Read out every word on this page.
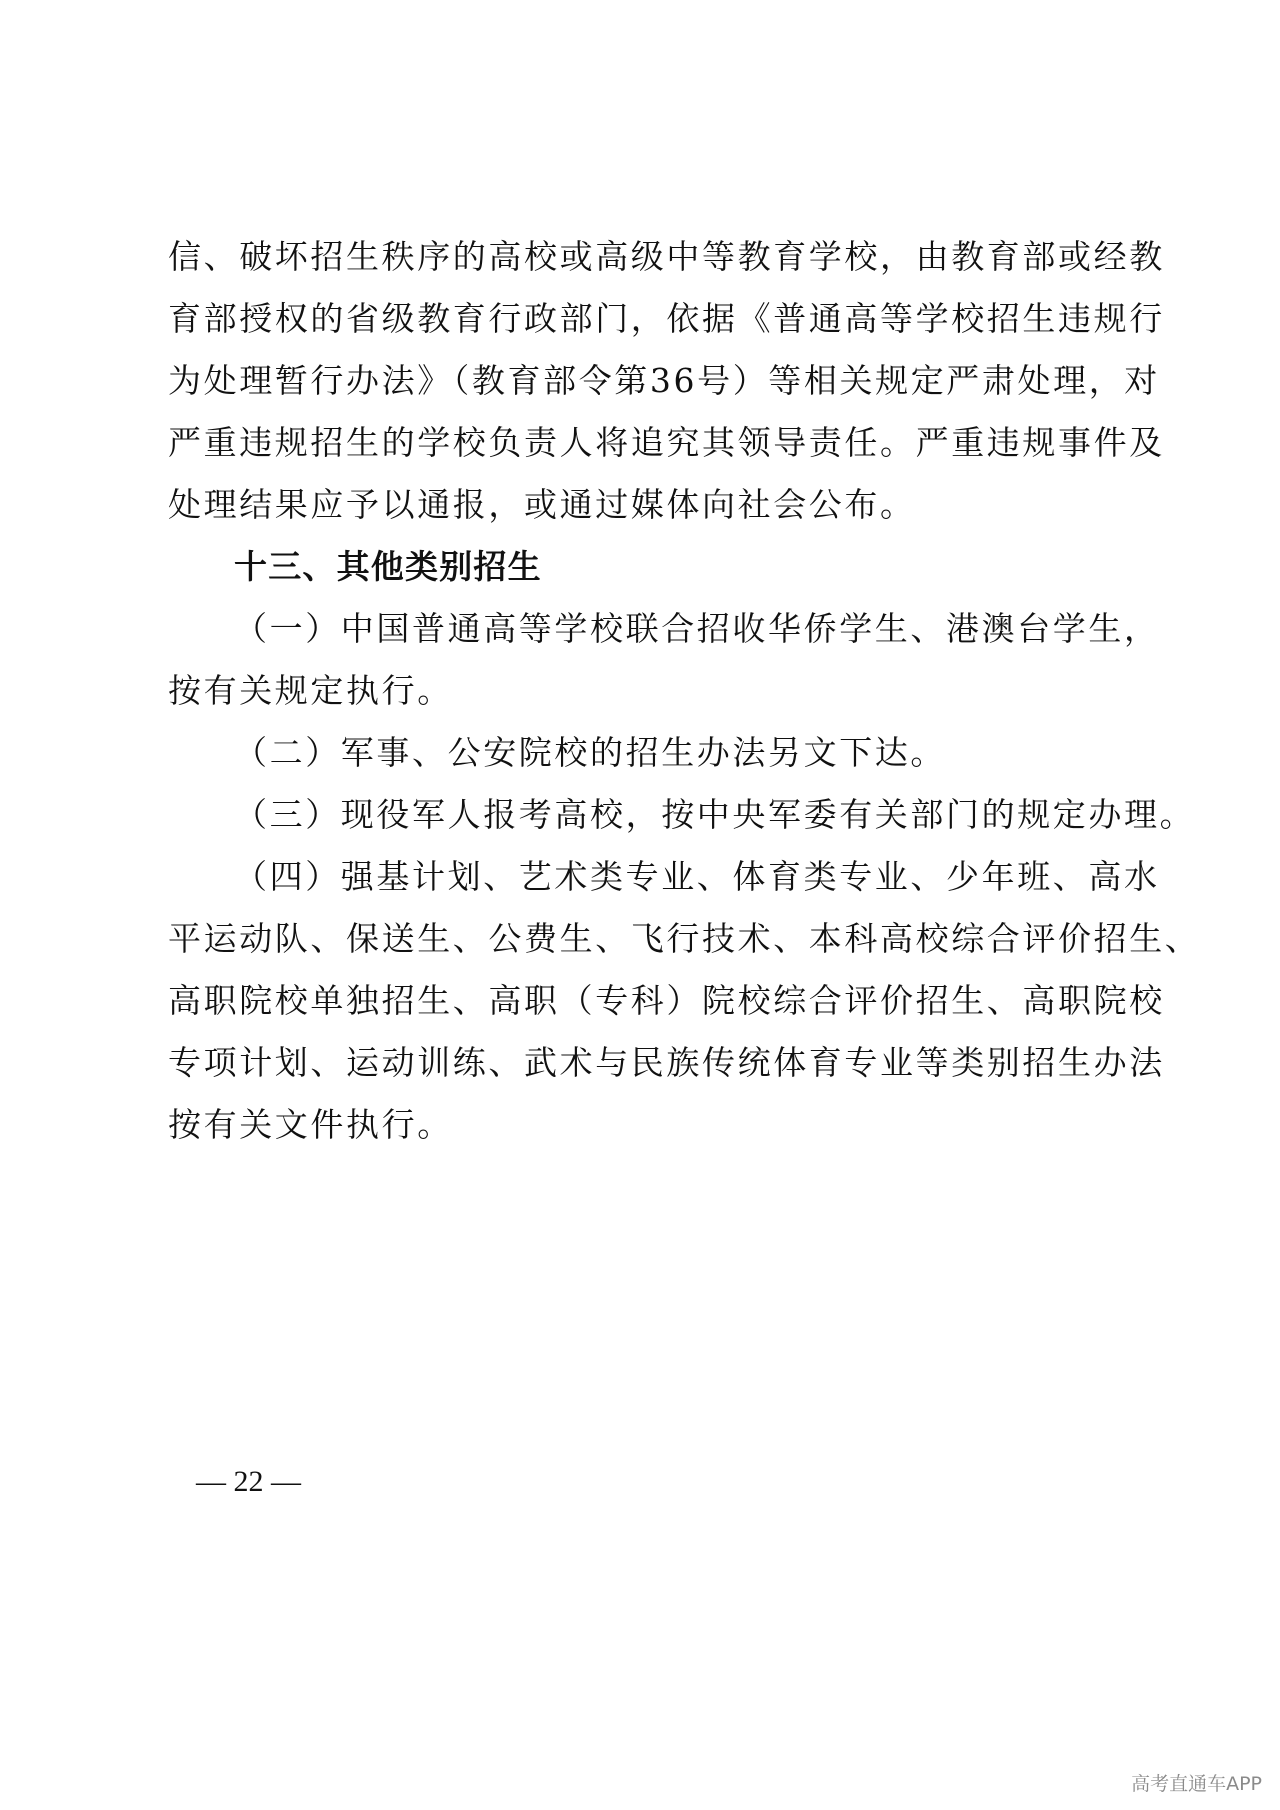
信、破坏招生秩序的高校或高级中等教育学校，由教育部或经教
育部授权的省级教育行政部门，依据《普通高等学校招生违规行
为处理暂行办法》（教育部令第36号）等相关规定严肃处理，对
严重违规招生的学校负责人将追究其领导责任。严重违规事件及
处理结果应予以通报，或通过媒体向社会公布。
十三、其他类别招生
（一）中国普通高等学校联合招收华侨学生、港澳台学生，
按有关规定执行。
（二）军事、公安院校的招生办法另文下达。
（三）现役军人报考高校，按中央军委有关部门的规定办理。
（四）强基计划、艺术类专业、体育类专业、少年班、高水
平运动队、保送生、公费生、飞行技术、本科高校综合评价招生、
高职院校单独招生、高职（专科）院校综合评价招生、高职院校
专项计划、运动训练、武术与民族传统体育专业等类别招生办法
按有关文件执行。
— 22 —
高考直通车APP
